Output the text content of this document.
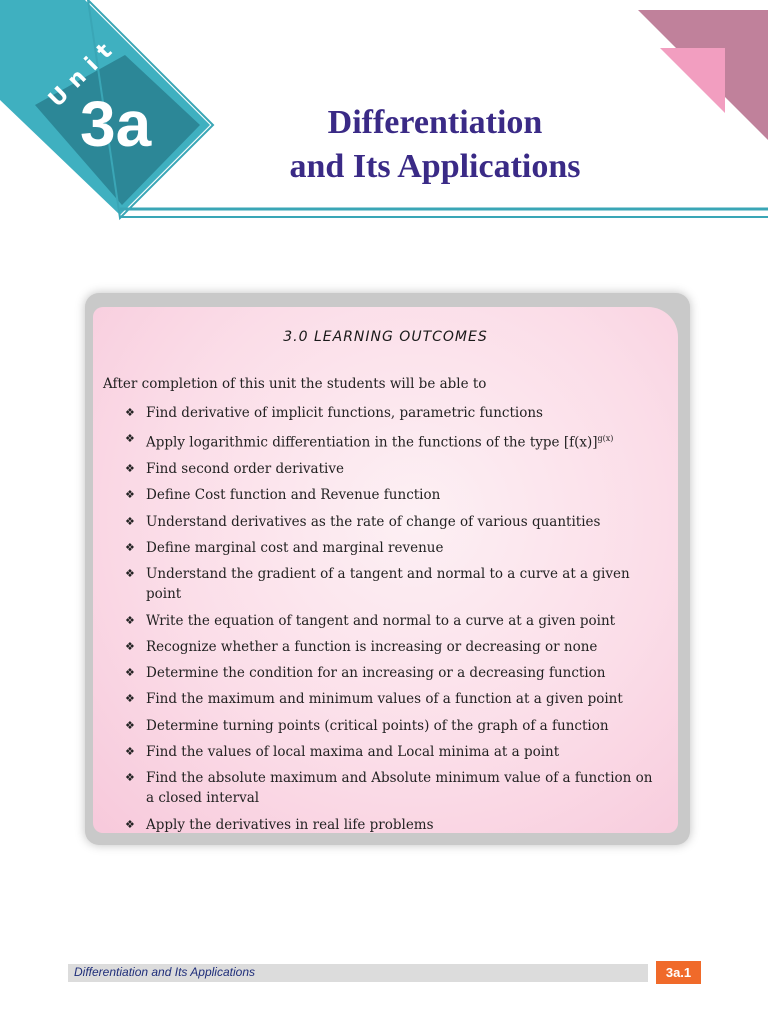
Unit
3a	Differentiation
and Its Applications
3.0 LEARNING OUTCOMES
After completion of this unit the students will be able to
❖ Find derivative of implicit functions, parametric functions
❖ Apply logarithmic differentiation in the functions of the type $[f(x)]^{g(x)}$
❖ Find second order derivative
❖ Define Cost function and Revenue function
❖ Understand derivatives as the rate of change of various quantities
❖ Define marginal cost and marginal revenue
❖ Understand the gradient of a tangent and normal to a curve at a given point
❖ Write the equation of tangent and normal to a curve at a given point
❖ Recognize whether a function is increasing or decreasing or none
❖ Determine the condition for an increasing or a decreasing function
❖ Find the maximum and minimum values of a function at a given point
❖ Determine turning points (critical points) of the graph of a function
❖ Find the values of local maxima and Local minima at a point
❖ Find the absolute maximum and Absolute minimum value of a function on a closed interval
❖ Apply the derivatives in real life problems
Differentiation and Its Applications	3a.1
